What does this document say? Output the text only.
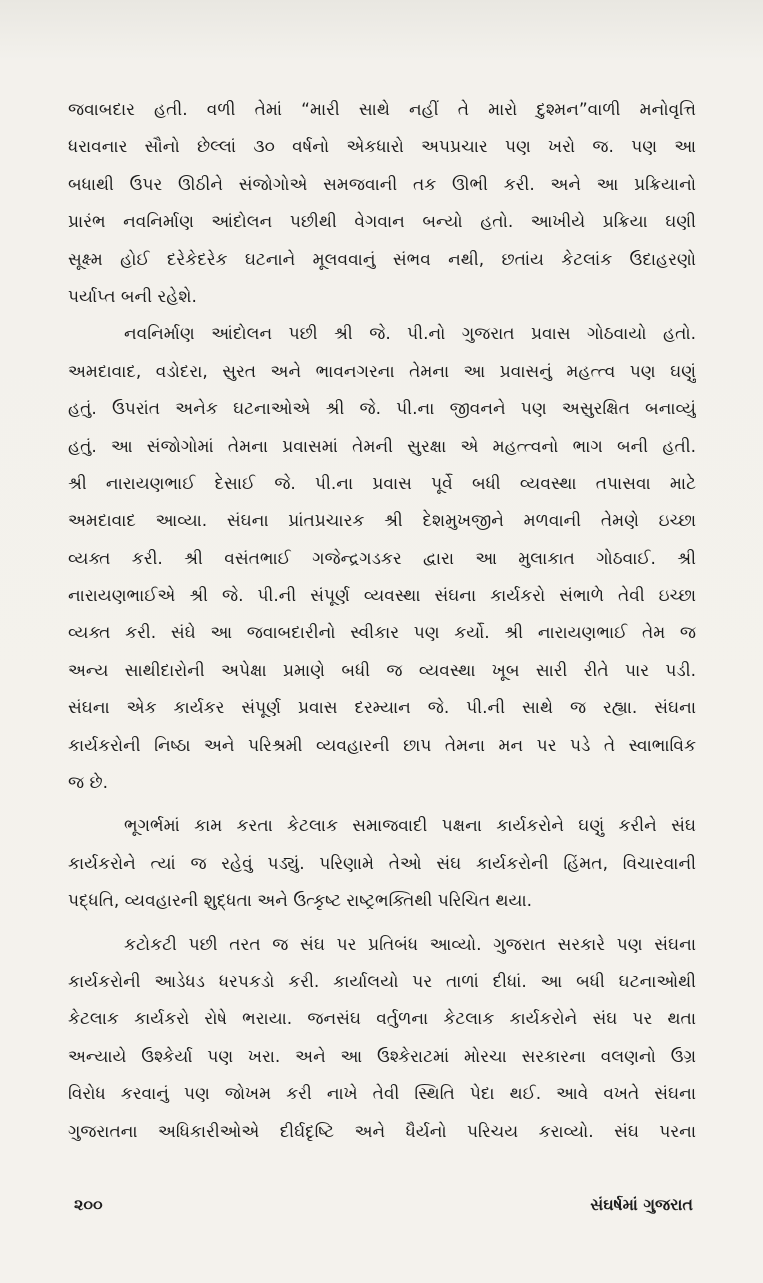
જવાબદાર હતી. વળી તેમાં “મારી સાથે નહીં તે મારો દુશ્મન”વાળી મનોવૃત્તિ
ધરાવનાર સૌનો છેલ્લાં ૩૦ વર્ષનો એકધારો અપપ્રચાર પણ ખરો જ. પણ આ
બધાથી ઉપર ઊઠીને સંજોગોએ સમજવાની તક ઊભી કરી. અને આ પ્રક્રિયાનો
પ્રારંભ નવનિર્માણ આંદોલન પછીથી વેગવાન બન્યો હતો. આખીયે પ્રક્રિયા ઘણી
સૂક્ષ્મ હોઈ દરેકેદરેક ઘટનાને મૂલવવાનું સંભવ નથી, છતાંય કેટલાંક ઉદાહરણો
પર્યાપ્ત બની રહેશે.
નવનિર્માણ આંદોલન પછી શ્રી જે. પી.નો ગુજરાત પ્રવાસ ગોઠવાયો હતો.
અમદાવાદ, વડોદરા, સુરત અને ભાવનગરના તેમના આ પ્રવાસનું મહત્ત્વ પણ ઘણું
હતું. ઉપરાંત અનેક ઘટનાઓએ શ્રી જે. પી.ના જીવનને પણ અસુરક્ષિત બનાવ્યું
હતું. આ સંજોગોમાં તેમના પ્રવાસમાં તેમની સુરક્ષા એ મહત્ત્વનો ભાગ બની હતી.
શ્રી નારાયણભાઈ દેસાઈ જે. પી.ના પ્રવાસ પૂર્વે બધી વ્યવસ્થા તપાસવા માટે
અમદાવાદ આવ્યા. સંઘના પ્રાંતપ્રચારક શ્રી દેશમુખજીને મળવાની તેમણે ઇચ્છા
વ્યક્ત કરી. શ્રી વસંતભાઈ ગજેન્દ્રગડકર દ્વારા આ મુલાકાત ગોઠવાઈ. શ્રી
નારાયણભાઈએ શ્રી જે. પી.ની સંપૂર્ણ વ્યવસ્થા સંઘના કાર્યકરો સંભાળે તેવી ઇચ્છા
વ્યક્ત કરી. સંઘે આ જવાબદારીનો સ્વીકાર પણ કર્યો. શ્રી નારાયણભાઈ તેમ જ
અન્ય સાથીદારોની અપેક્ષા પ્રમાણે બધી જ વ્યવસ્થા ખૂબ સારી રીતે પાર પડી.
સંઘના એક કાર્યકર સંપૂર્ણ પ્રવાસ દરમ્યાન જે. પી.ની સાથે જ રહ્યા. સંઘના
કાર્યકરોની નિષ્ઠા અને પરિશ્રમી વ્યવહારની છાપ તેમના મન પર પડે તે સ્વાભાવિક
જ છે.
ભૂગર્ભમાં કામ કરતા કેટલાક સમાજવાદી પક્ષના કાર્યકરોને ઘણું કરીને સંઘ
કાર્યકરોને ત્યાં જ રહેવું પડ્યું. પરિણામે તેઓ સંઘ કાર્યકરોની હિંમત, વિચારવાની
પદ્ધતિ, વ્યવહારની શુદ્ધતા અને ઉત્કૃષ્ટ રાષ્ટ્રભક્તિથી પરિચિત થયા.
કટોકટી પછી તરત જ સંઘ પર પ્રતિબંધ આવ્યો. ગુજરાત સરકારે પણ સંઘના
કાર્યકરોની આડેધડ ધરપકડો કરી. કાર્યાલયો પર તાળાં દીધાં. આ બધી ઘટનાઓથી
કેટલાક કાર્યકરો રોષે ભરાયા. જનસંઘ વર્તુળના કેટલાક કાર્યકરોને સંઘ પર થતા
અન્યાયે ઉશ્કેર્યા પણ ખરા. અને આ ઉશ્કેરાટમાં મોરચા સરકારના વલણનો ઉગ્ર
વિરોધ કરવાનું પણ જોખમ કરી નાખે તેવી સ્થિતિ પેદા થઈ. આવે વખતે સંઘના
ગુજરાતના અધિકારીઓએ દીર્ઘદૃષ્ટિ અને ધૈર્યનો પરિચય કરાવ્યો. સંઘ પરના
૨૦૦	સંઘર્ષમાં ગુજરાત
